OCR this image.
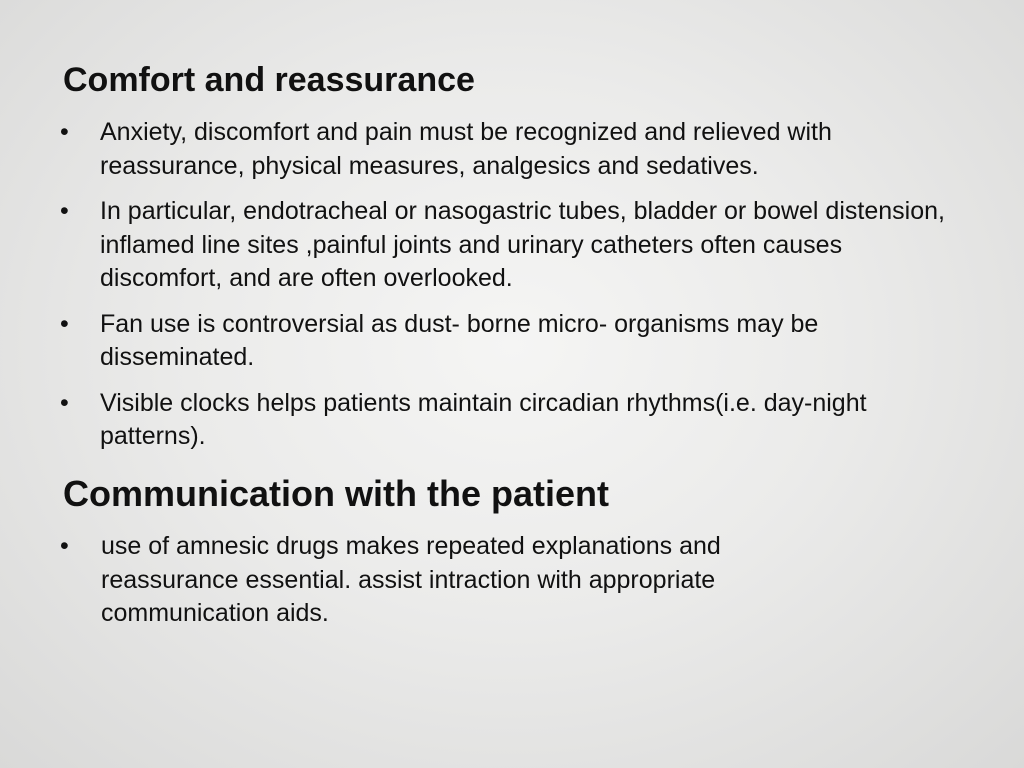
Comfort and reassurance
• Anxiety, discomfort and pain must be recognized and relieved with reassurance, physical measures, analgesics and sedatives.
• In particular, endotracheal or nasogastric tubes, bladder or bowel distension, inflamed line sites ,painful joints and urinary catheters often causes discomfort, and are often overlooked.
• Fan use is controversial as dust- borne micro- organisms may be disseminated.
• Visible clocks helps patients maintain circadian rhythms(i.e. day-night patterns).
Communication with the patient
• use of amnesic drugs makes repeated explanations and reassurance essential. assist intraction with appropriate communication aids.
